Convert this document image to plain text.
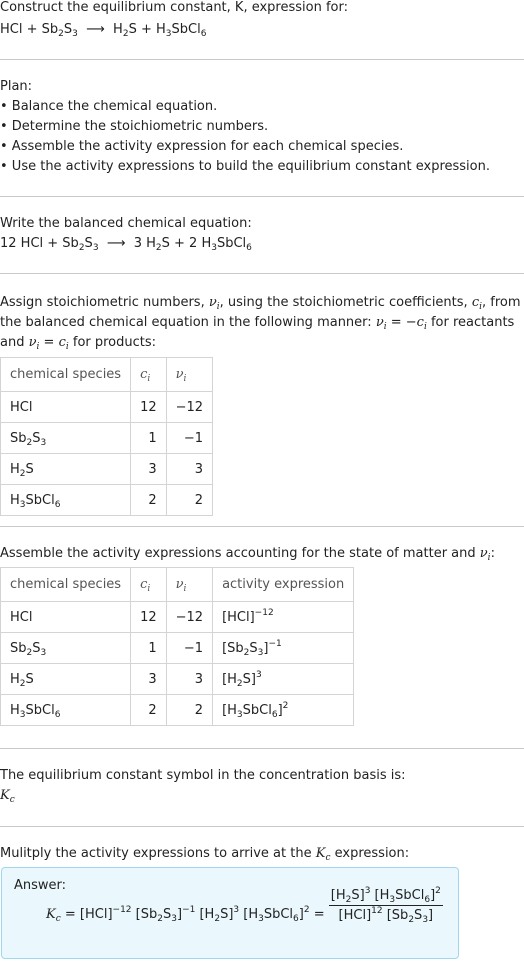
Construct the equilibrium constant, K, expression for:
HCl + $Sb_2S_3$ ⟶  $H_2S$ + $H_3SbCl_6$
Plan:
• Balance the chemical equation.
• Determine the stoichiometric numbers.
• Assemble the activity expression for each chemical species.
• Use the activity expressions to build the equilibrium constant expression.
Write the balanced chemical equation:
12 HCl + $Sb_2S_3$ ⟶  3 $H_2S + 2$ $H_3SbCl_6$
Assign stoichiometric numbers, $\nu_i$, using the stoichiometric coefficients, $c_i$, from
the balanced chemical equation in the following manner: $\nu_i = -c_i$ for reactants
and $\nu_i = c_i$ for products:
chemical species	$c_i$	$\nu_i$
HCl	12	−12
$Sb_2S_3$	1	−1
$H_2S$	3	3
$H_3SbCl_6$	2	2
Assemble the activity expressions accounting for the state of matter and $\nu_i$:
chemical species	$c_i$	$\nu_i$	activity expression
HCl	12	−12	[HCl]$^{-12}$
$Sb_2S_3$	1	−1	$[Sb_2S_3]^{-1}$
$H_2S$	3	3	$[H_2S]^3$
$H_3SbCl_6$	2	2	$[H_3SbCl_6]^2$
The equilibrium constant symbol in the concentration basis is:
$K_c$
Mulitply the activity expressions to arrive at the $K_c$ expression:
Answer:
$K_c = [HCl]^{-12}$ $[Sb_2S_3]^{-1}$ $[H_2S]^3$ $[H_3SbCl_6]^2 = \frac{[H_2S]^3 [H_3SbCl_6]^2}{[HCl]^{12} [Sb_2S_3]}$
